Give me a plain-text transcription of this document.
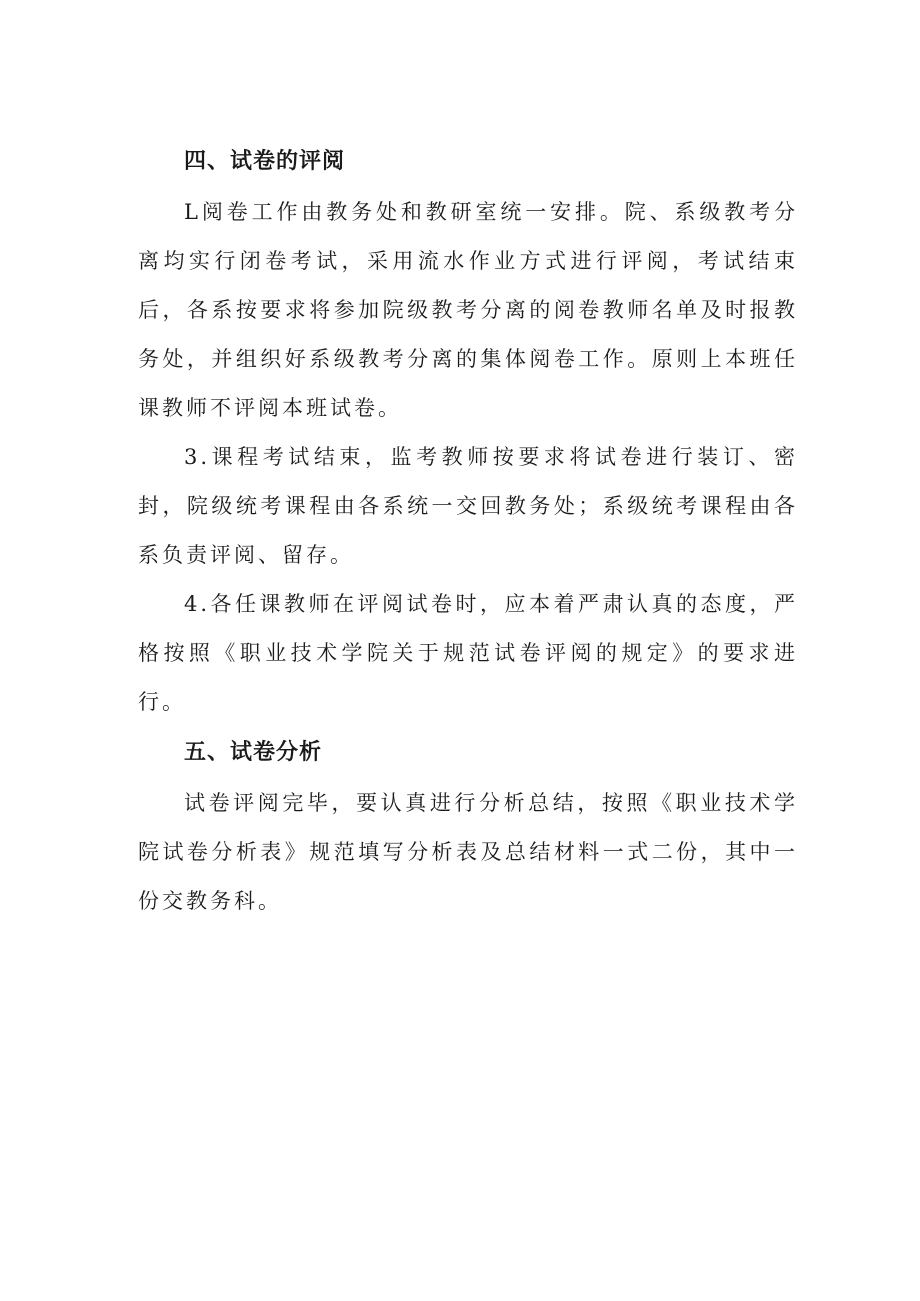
四、试卷的评阅

L阅卷工作由教务处和教研室统一安排。院、系级教考分离均实行闭卷考试，采用流水作业方式进行评阅，考试结束后，各系按要求将参加院级教考分离的阅卷教师名单及时报教务处，并组织好系级教考分离的集体阅卷工作。原则上本班任课教师不评阅本班试卷。

3.课程考试结束，监考教师按要求将试卷进行装订、密封，院级统考课程由各系统一交回教务处；系级统考课程由各系负责评阅、留存。

4.各任课教师在评阅试卷时，应本着严肃认真的态度，严格按照《职业技术学院关于规范试卷评阅的规定》的要求进行。

五、试卷分析

试卷评阅完毕，要认真进行分析总结，按照《职业技术学院试卷分析表》规范填写分析表及总结材料一式二份，其中一份交教务科。
